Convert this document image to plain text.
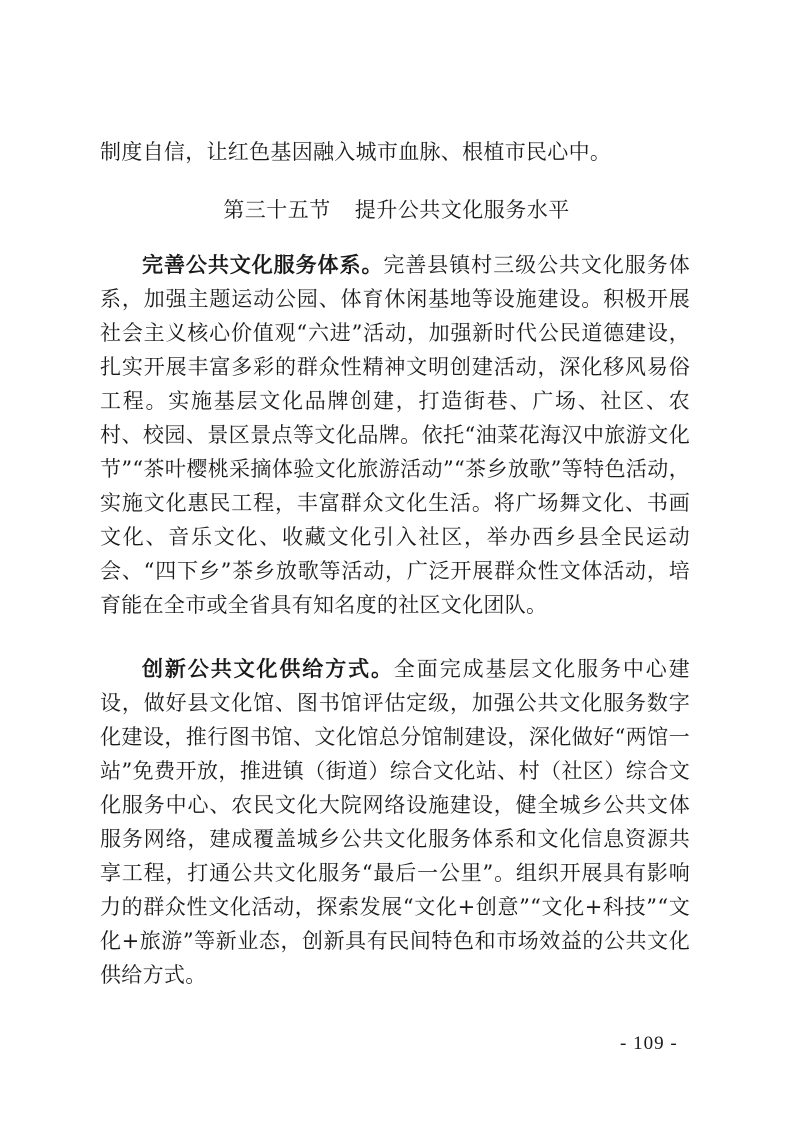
制度自信，让红色基因融入城市血脉、根植市民心中。

第三十五节 提升公共文化服务水平

完善公共文化服务体系。完善县镇村三级公共文化服务体系，加强主题运动公园、体育休闲基地等设施建设。积极开展社会主义核心价值观“六进”活动，加强新时代公民道德建设，扎实开展丰富多彩的群众性精神文明创建活动，深化移风易俗工程。实施基层文化品牌创建，打造街巷、广场、社区、农村、校园、景区景点等文化品牌。依托“油菜花海汉中旅游文化节”“茶叶樱桃采摘体验文化旅游活动”“茶乡放歌”等特色活动，实施文化惠民工程，丰富群众文化生活。将广场舞文化、书画文化、音乐文化、收藏文化引入社区，举办西乡县全民运动会、“四下乡”茶乡放歌等活动，广泛开展群众性文体活动，培育能在全市或全省具有知名度的社区文化团队。

创新公共文化供给方式。全面完成基层文化服务中心建设，做好县文化馆、图书馆评估定级，加强公共文化服务数字化建设，推行图书馆、文化馆总分馆制建设，深化做好“两馆一站”免费开放，推进镇（街道）综合文化站、村（社区）综合文化服务中心、农民文化大院网络设施建设，健全城乡公共文体服务网络，建成覆盖城乡公共文化服务体系和文化信息资源共享工程，打通公共文化服务“最后一公里”。组织开展具有影响力的群众性文化活动，探索发展“文化+创意”“文化+科技”“文化+旅游”等新业态，创新具有民间特色和市场效益的公共文化供给方式。

- 109 -
